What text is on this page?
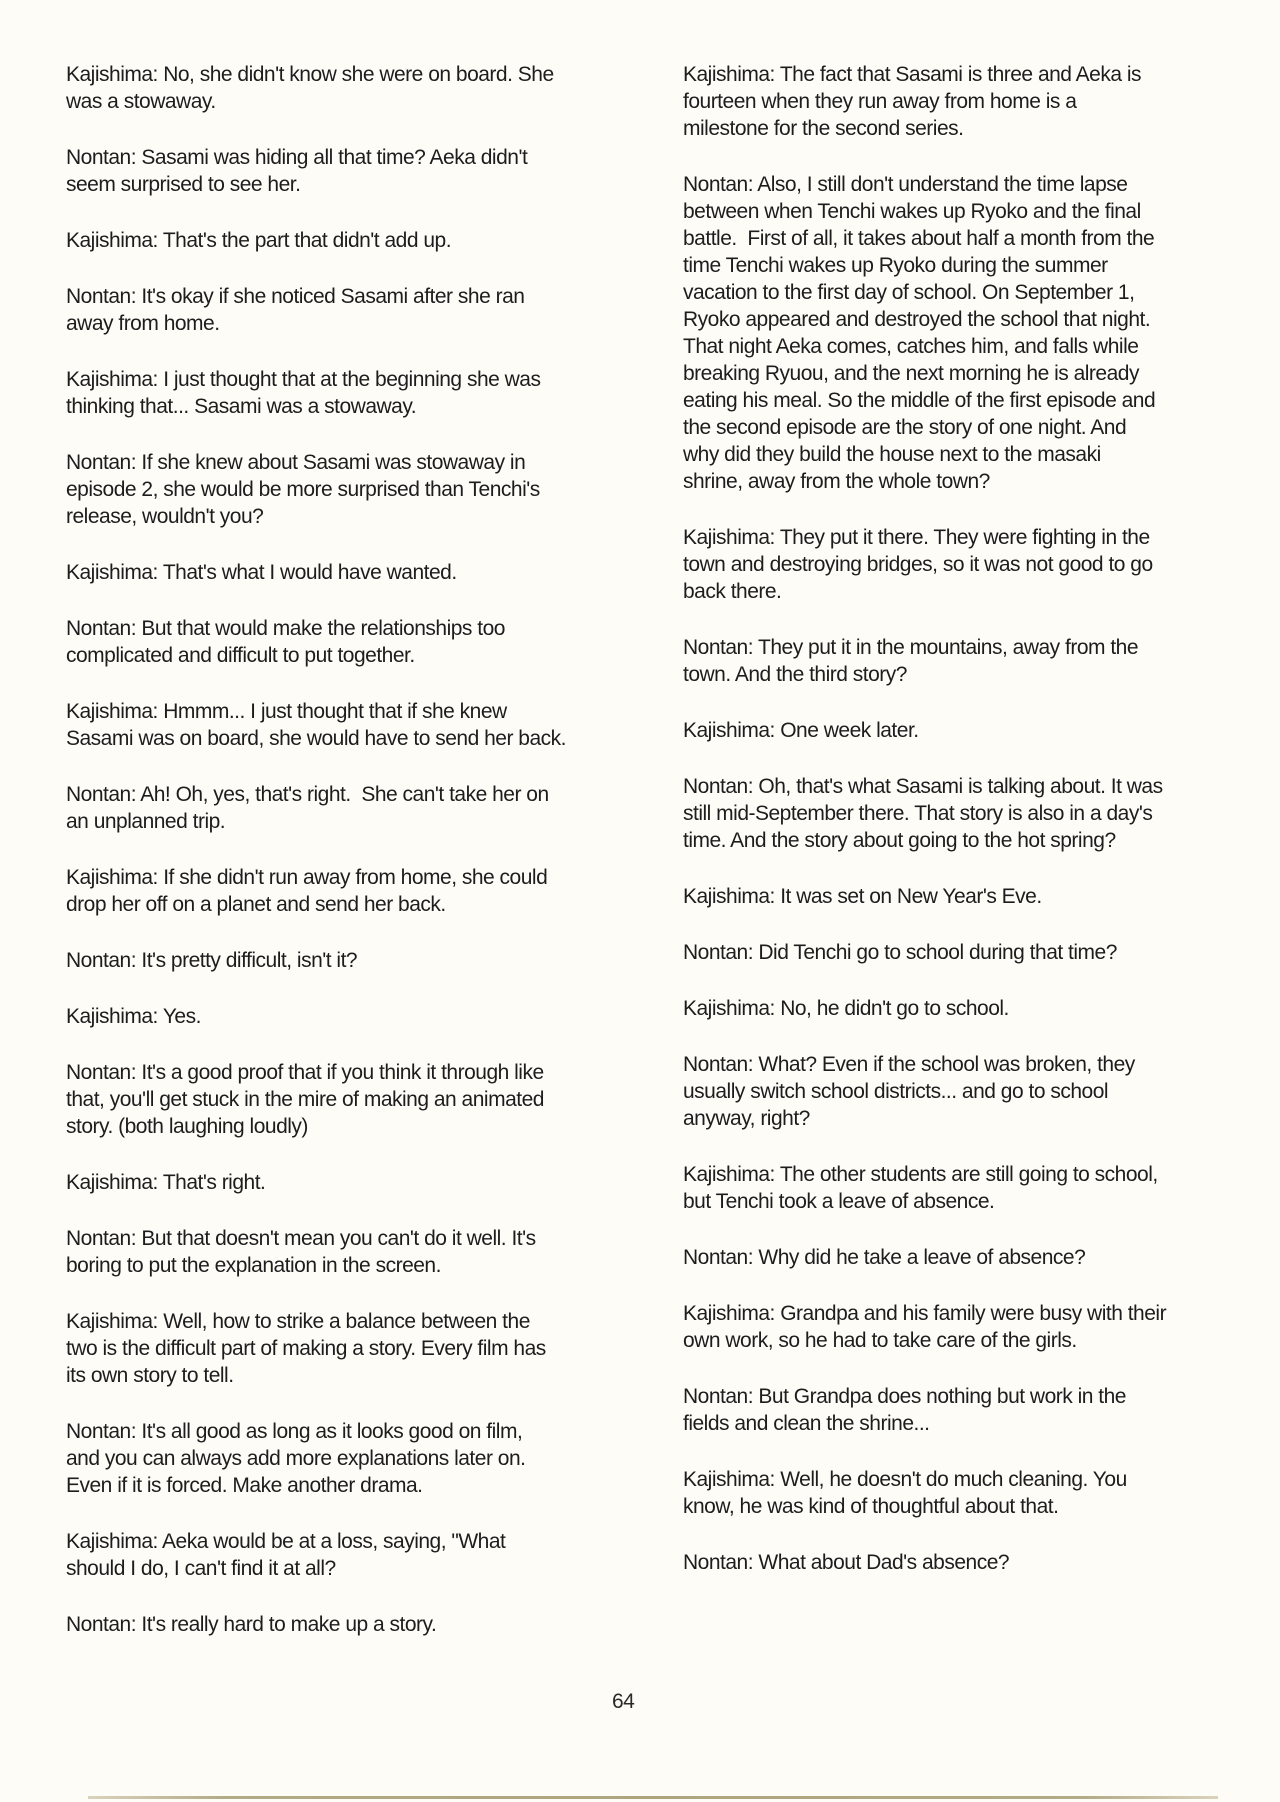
Kajishima: No, she didn't know she were on board. She
was a stowaway.

Nontan: Sasami was hiding all that time? Aeka didn't
seem surprised to see her.

Kajishima: That's the part that didn't add up.

Nontan: It's okay if she noticed Sasami after she ran
away from home.

Kajishima: I just thought that at the beginning she was
thinking that... Sasami was a stowaway.

Nontan: If she knew about Sasami was stowaway in
episode 2, she would be more surprised than Tenchi's
release, wouldn't you?

Kajishima: That's what I would have wanted.

Nontan: But that would make the relationships too
complicated and difficult to put together.

Kajishima: Hmmm... I just thought that if she knew
Sasami was on board, she would have to send her back.

Nontan: Ah! Oh, yes, that's right.  She can't take her on
an unplanned trip.

Kajishima: If she didn't run away from home, she could
drop her off on a planet and send her back.

Nontan: It's pretty difficult, isn't it?

Kajishima: Yes.

Nontan: It's a good proof that if you think it through like
that, you'll get stuck in the mire of making an animated
story. (both laughing loudly)

Kajishima: That's right.

Nontan: But that doesn't mean you can't do it well. It's
boring to put the explanation in the screen.

Kajishima: Well, how to strike a balance between the
two is the difficult part of making a story. Every film has
its own story to tell.

Nontan: It's all good as long as it looks good on film,
and you can always add more explanations later on.
Even if it is forced. Make another drama.

Kajishima: Aeka would be at a loss, saying, "What
should I do, I can't find it at all?

Nontan: It's really hard to make up a story.

Kajishima: The fact that Sasami is three and Aeka is
fourteen when they run away from home is a
milestone for the second series.

Nontan: Also, I still don't understand the time lapse
between when Tenchi wakes up Ryoko and the final
battle.  First of all, it takes about half a month from the
time Tenchi wakes up Ryoko during the summer
vacation to the first day of school. On September 1,
Ryoko appeared and destroyed the school that night.
That night Aeka comes, catches him, and falls while
breaking Ryuou, and the next morning he is already
eating his meal. So the middle of the first episode and
the second episode are the story of one night. And
why did they build the house next to the masaki
shrine, away from the whole town?

Kajishima: They put it there. They were fighting in the
town and destroying bridges, so it was not good to go
back there.

Nontan: They put it in the mountains, away from the
town. And the third story?

Kajishima: One week later.

Nontan: Oh, that's what Sasami is talking about. It was
still mid-September there. That story is also in a day's
time. And the story about going to the hot spring?

Kajishima: It was set on New Year's Eve.

Nontan: Did Tenchi go to school during that time?

Kajishima: No, he didn't go to school.

Nontan: What? Even if the school was broken, they
usually switch school districts... and go to school
anyway, right?

Kajishima: The other students are still going to school,
but Tenchi took a leave of absence.

Nontan: Why did he take a leave of absence?

Kajishima: Grandpa and his family were busy with their
own work, so he had to take care of the girls.

Nontan: But Grandpa does nothing but work in the
fields and clean the shrine...

Kajishima: Well, he doesn't do much cleaning. You
know, he was kind of thoughtful about that.

Nontan: What about Dad's absence?

64
